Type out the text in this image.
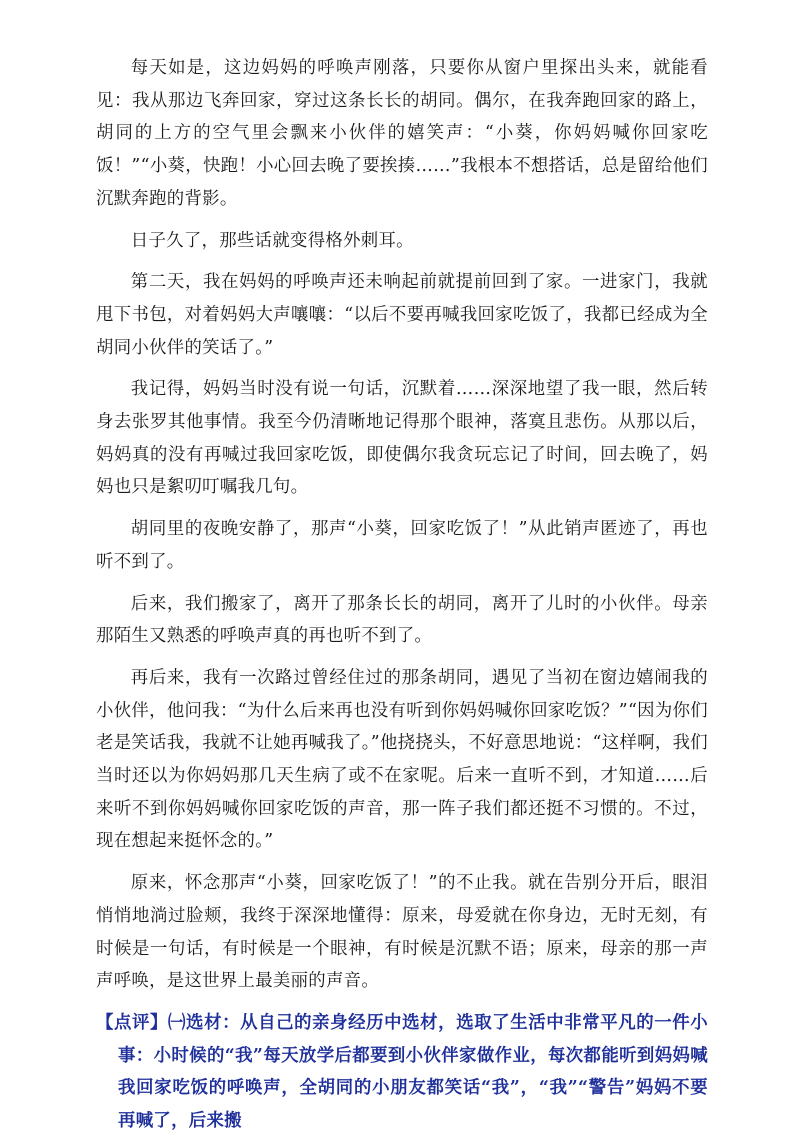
每天如是，这边妈妈的呼唤声刚落，只要你从窗户里探出头来，就能看见：我从那边飞奔回家，穿过这条长长的胡同。偶尔，在我奔跑回家的路上，胡同的上方的空气里会飘来小伙伴的嬉笑声：“小葵，你妈妈喊你回家吃饭！”“小葵，快跑！小心回去晚了要挨揍……”我根本不想搭话，总是留给他们沉默奔跑的背影。

日子久了，那些话就变得格外刺耳。

第二天，我在妈妈的呼唤声还未响起前就提前回到了家。一进家门，我就甩下书包，对着妈妈大声嚷嚷：“以后不要再喊我回家吃饭了，我都已经成为全胡同小伙伴的笑话了。”

我记得，妈妈当时没有说一句话，沉默着……深深地望了我一眼，然后转身去张罗其他事情。我至今仍清晰地记得那个眼神，落寞且悲伤。从那以后，妈妈真的没有再喊过我回家吃饭，即使偶尔我贪玩忘记了时间，回去晚了，妈妈也只是絮叨叮嘱我几句。

胡同里的夜晚安静了，那声“小葵，回家吃饭了！”从此销声匿迹了，再也听不到了。

后来，我们搬家了，离开了那条长长的胡同，离开了儿时的小伙伴。母亲那陌生又熟悉的呼唤声真的再也听不到了。

再后来，我有一次路过曾经住过的那条胡同，遇见了当初在窗边嬉闹我的小伙伴，他问我：“为什么后来再也没有听到你妈妈喊你回家吃饭？”“因为你们老是笑话我，我就不让她再喊我了。”他挠挠头，不好意思地说：“这样啊，我们当时还以为你妈妈那几天生病了或不在家呢。后来一直听不到，才知道……后来听不到你妈妈喊你回家吃饭的声音，那一阵子我们都还挺不习惯的。不过，现在想起来挺怀念的。”

原来，怀念那声“小葵，回家吃饭了！”的不止我。就在告别分开后，眼泪悄悄地淌过脸颊，我终于深深地懂得：原来，母爱就在你身边，无时无刻，有时候是一句话，有时候是一个眼神，有时候是沉默不语；原来，母亲的那一声声呼唤，是这世界上最美丽的声音。

【点评】㈠选材：从自己的亲身经历中选材，选取了生活中非常平凡的一件小事：小时候的“我”每天放学后都要到小伙伴家做作业，每次都能听到妈妈喊我回家吃饭的呼唤声，全胡同的小朋友都笑话“我”，“我”“警告”妈妈不要再喊了，后来搬
